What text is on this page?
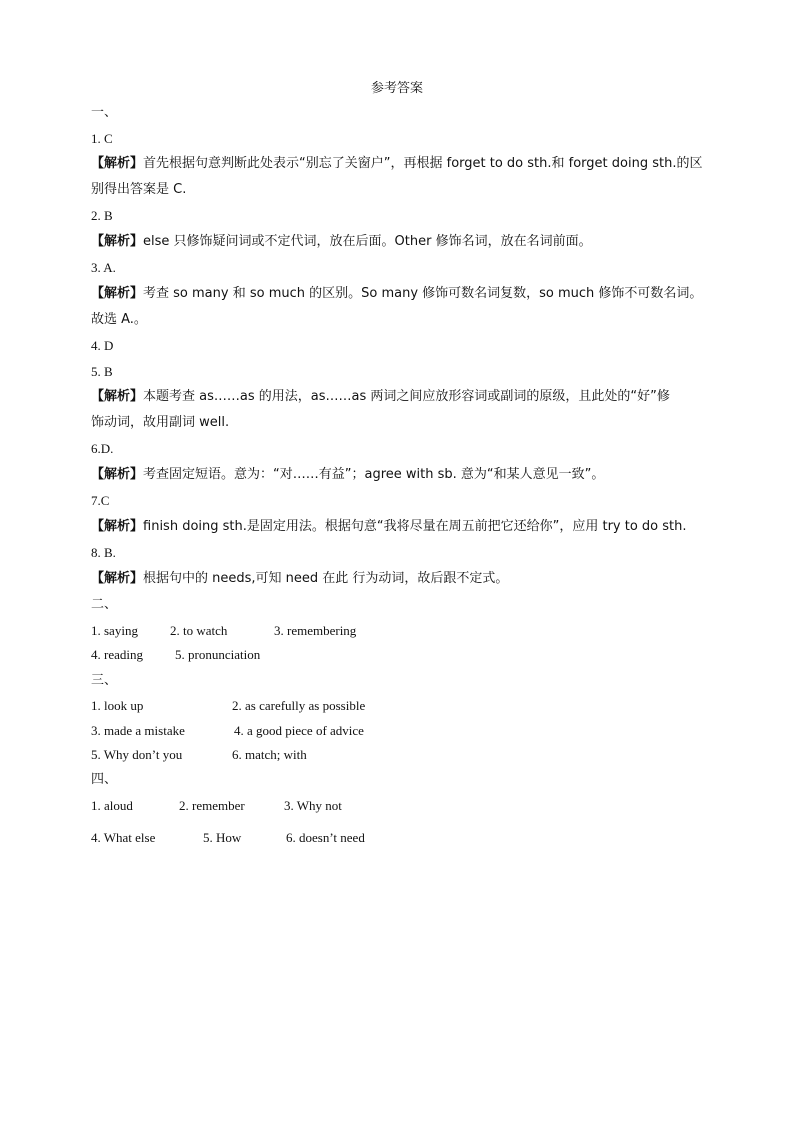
参考答案
一、
1. C
【解析】首先根据句意判断此处表示“别忘了关窗户”，再根据 forget to do sth.和 forget doing sth.的区
别得出答案是 C.
2. B
【解析】else 只修饰疑问词或不定代词，放在后面。Other 修饰名词，放在名词前面。
3. A.
【解析】考查 so many 和 so much 的区别。So many 修饰可数名词复数，so much 修饰不可数名词。
故选 A.。
4. D
5. B
【解析】本题考查 as……as 的用法，as……as 两词之间应放形容词或副词的原级，且此处的“好”修
饰动词，故用副词 well.
6.D.
【解析】考查固定短语。意为：“对……有益”；agree with sb. 意为“和某人意见一致”。
7.C
【解析】finish doing sth.是固定用法。根据句意“我将尽量在周五前把它还给你”，应用 try to do sth.
8. B.
【解析】根据句中的 needs,可知 need 在此 行为动词，故后跟不定式。
二、
1. saying 2. to watch	3. remembering
4. reading 5. pronunciation
三、
1. look up	2. as carefully as possible
3. made a mistake	4. a good piece of advice
5. Why don’t you	6. match; with
四、
1. aloud	2. remember	3. Why not
4. What else	5. How	6. doesn’t need
